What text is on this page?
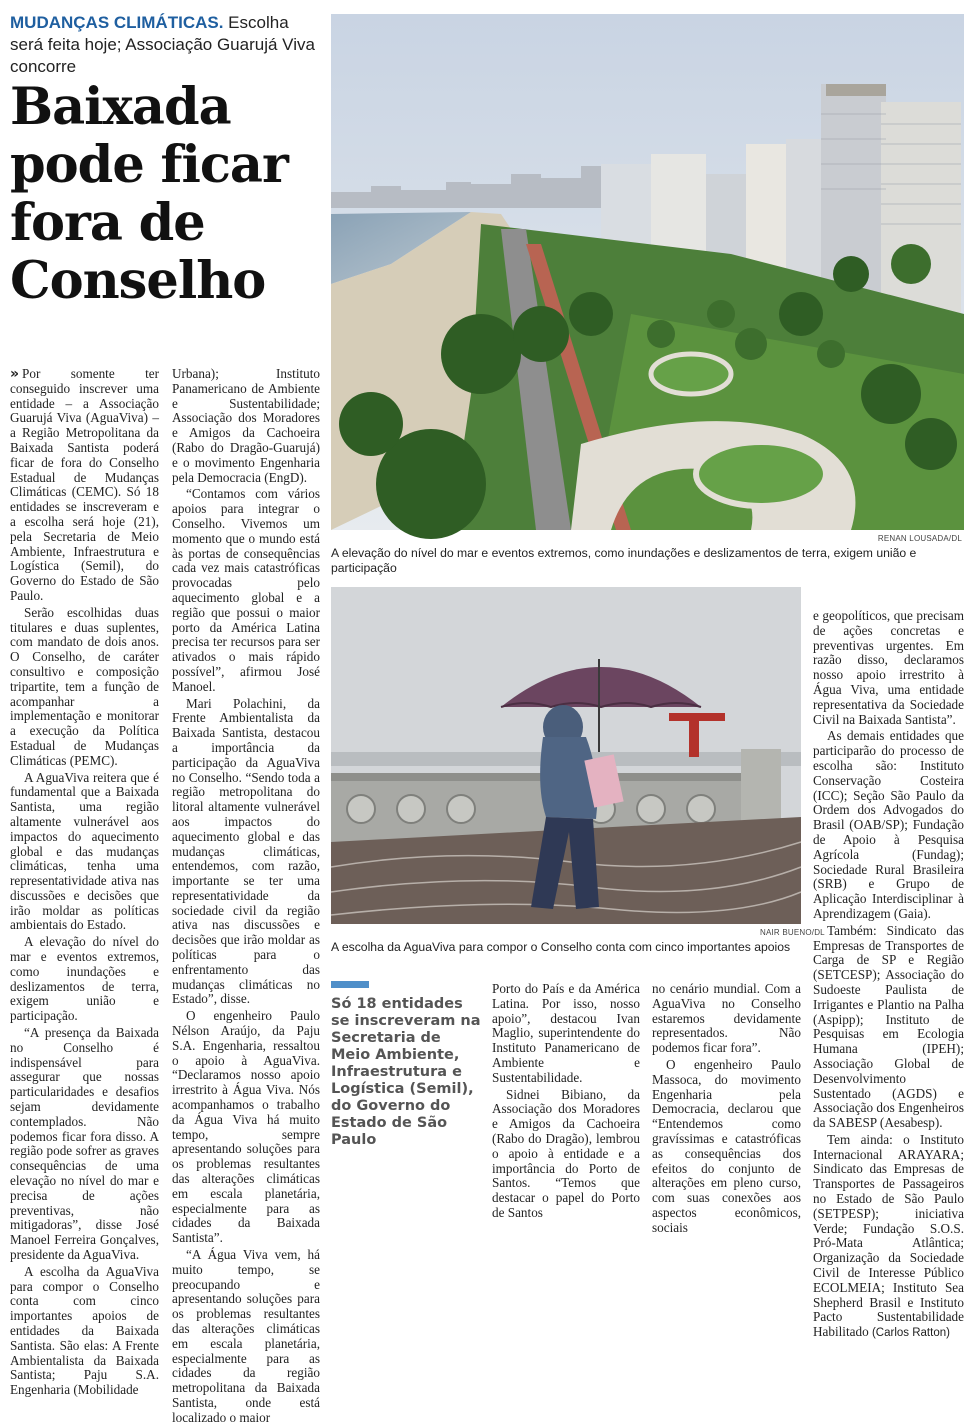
MUDANÇAS CLIMÁTICAS. Escolha será feita hoje; Associação Guarujá Viva concorre
Baixada pode ficar fora de Conselho
RENAN LOUSADA/DL
A elevação do nível do mar e eventos extremos, como inundações e deslizamentos de terra, exigem união e participação
NAIR BUENO/DL
A escolha da AguaViva para compor o Conselho conta com cinco importantes apoios
Só 18 entidades se inscreveram na Secretaria de Meio Ambiente, Infraestrutura e Logística (Semil), do Governo do Estado de São Paulo

» Por somente ter conseguido inscrever uma entidade – a Associação Guarujá Viva (AguaViva) – a Região Metropolitana da Baixada Santista poderá ficar de fora do Conselho Estadual de Mudanças Climáticas (CEMC). Só 18 entidades se inscreveram e a escolha será hoje (21), pela Secretaria de Meio Ambiente, Infraestrutura e Logística (Semil), do Governo do Estado de São Paulo.

Serão escolhidas duas titulares e duas suplentes, com mandato de dois anos. O Conselho, de caráter consultivo e composição tripartite, tem a função de acompanhar a implementação e monitorar a execução da Política Estadual de Mudanças Climáticas (PEMC).

A AguaViva reitera que é fundamental que a Baixada Santista, uma região altamente vulnerável aos impactos do aquecimento global e das mudanças climáticas, tenha uma representatividade ativa nas discussões e decisões que irão moldar as políticas ambientais do Estado.

A elevação do nível do mar e eventos extremos, como inundações e deslizamentos de terra, exigem união e participação.

“A presença da Baixada no Conselho é indispensável para assegurar que nossas particularidades e desafios sejam devidamente contemplados. Não podemos ficar fora disso. A região pode sofrer as graves consequências de uma elevação no nível do mar e precisa de ações preventivas, não mitigadoras”, disse José Manoel Ferreira Gonçalves, presidente da AguaViva.

A escolha da AguaViva para compor o Conselho conta com cinco importantes apoios de entidades da Baixada Santista. São elas: A Frente Ambientalista da Baixada Santista; Paju S.A. Engenharia (Mobilidade

Urbana); Instituto Panamericano de Ambiente e Sustentabilidade; Associação dos Moradores e Amigos da Cachoeira (Rabo do Dragão-Guarujá) e o movimento Engenharia pela Democracia (EngD).

“Contamos com vários apoios para integrar o Conselho. Vivemos um momento que o mundo está às portas de consequências cada vez mais catastróficas provocadas pelo aquecimento global e a região que possui o maior porto da América Latina precisa ter recursos para ser ativados o mais rápido possível”, afirmou José Manoel.

Mari Polachini, da Frente Ambientalista da Baixada Santista, destacou a importância da participação da AguaViva no Conselho. “Sendo toda a região metropolitana do litoral altamente vulnerável aos impactos do aquecimento global e das mudanças climáticas, entendemos, com razão, importante se ter uma representatividade da sociedade civil da região ativa nas discussões e decisões que irão moldar as políticas para o enfrentamento das mudanças climáticas no Estado”, disse.

O engenheiro Paulo Nélson Araújo, da Paju S.A. Engenharia, ressaltou o apoio à AguaViva. “Declaramos nosso apoio irrestrito à Água Viva. Nós acompanhamos o trabalho da Água Viva há muito tempo, sempre apresentando soluções para os problemas resultantes das alterações climáticas em escala planetária, especialmente para as cidades da Baixada Santista”.

“A Água Viva vem, há muito tempo, se preocupando e apresentando soluções para os problemas resultantes das alterações climáticas em escala planetária, especialmente para as cidades da região metropolitana da Baixada Santista, onde está localizado o maior

Porto do País e da América Latina. Por isso, nosso apoio”, destacou Ivan Maglio, superintendente do Instituto Panamericano de Ambiente e Sustentabilidade.

Sidnei Bibiano, da Associação dos Moradores e Amigos da Cachoeira (Rabo do Dragão), lembrou o apoio à entidade e a importância do Porto de Santos. “Temos que destacar o papel do Porto de Santos

no cenário mundial. Com a AguaViva no Conselho estaremos devidamente representados. Não podemos ficar fora”.

O engenheiro Paulo Massoca, do movimento Engenharia pela Democracia, declarou que “Entendemos como gravíssimas e catastróficas as consequências dos efeitos do conjunto de alterações em pleno curso, com suas conexões aos aspectos econômicos, sociais

e geopolíticos, que precisam de ações concretas e preventivas urgentes. Em razão disso, declaramos nosso apoio irrestrito à Água Viva, uma entidade representativa da Sociedade Civil na Baixada Santista”.

As demais entidades que participarão do processo de escolha são: Instituto Conservação Costeira (ICC); Seção São Paulo da Ordem dos Advogados do Brasil (OAB/SP); Fundação de Apoio à Pesquisa Agrícola (Fundag); Sociedade Rural Brasileira (SRB) e Grupo de Aplicação Interdisciplinar à Aprendizagem (Gaia).

Também: Sindicato das Empresas de Transportes de Carga de SP e Região (SETCESP); Associação do Sudoeste Paulista de Irrigantes e Plantio na Palha (Aspipp); Instituto de Pesquisas em Ecologia Humana (IPEH); Associação Global de Desenvolvimento Sustentado (AGDS) e Associação dos Engenheiros da SABESP (Aesabesp).

Tem ainda: o Instituto Internacional ARAYARA; Sindicato das Empresas de Transportes de Passageiros no Estado de São Paulo (SETPESP); iniciativa Verde; Fundação S.O.S. Pró-Mata Atlântica; Organização da Sociedade Civil de Interesse Público ECOLMEIA; Instituto Sea Shepherd Brasil e Instituto Pacto Sustentabilidade Habilitado (Carlos Ratton)
